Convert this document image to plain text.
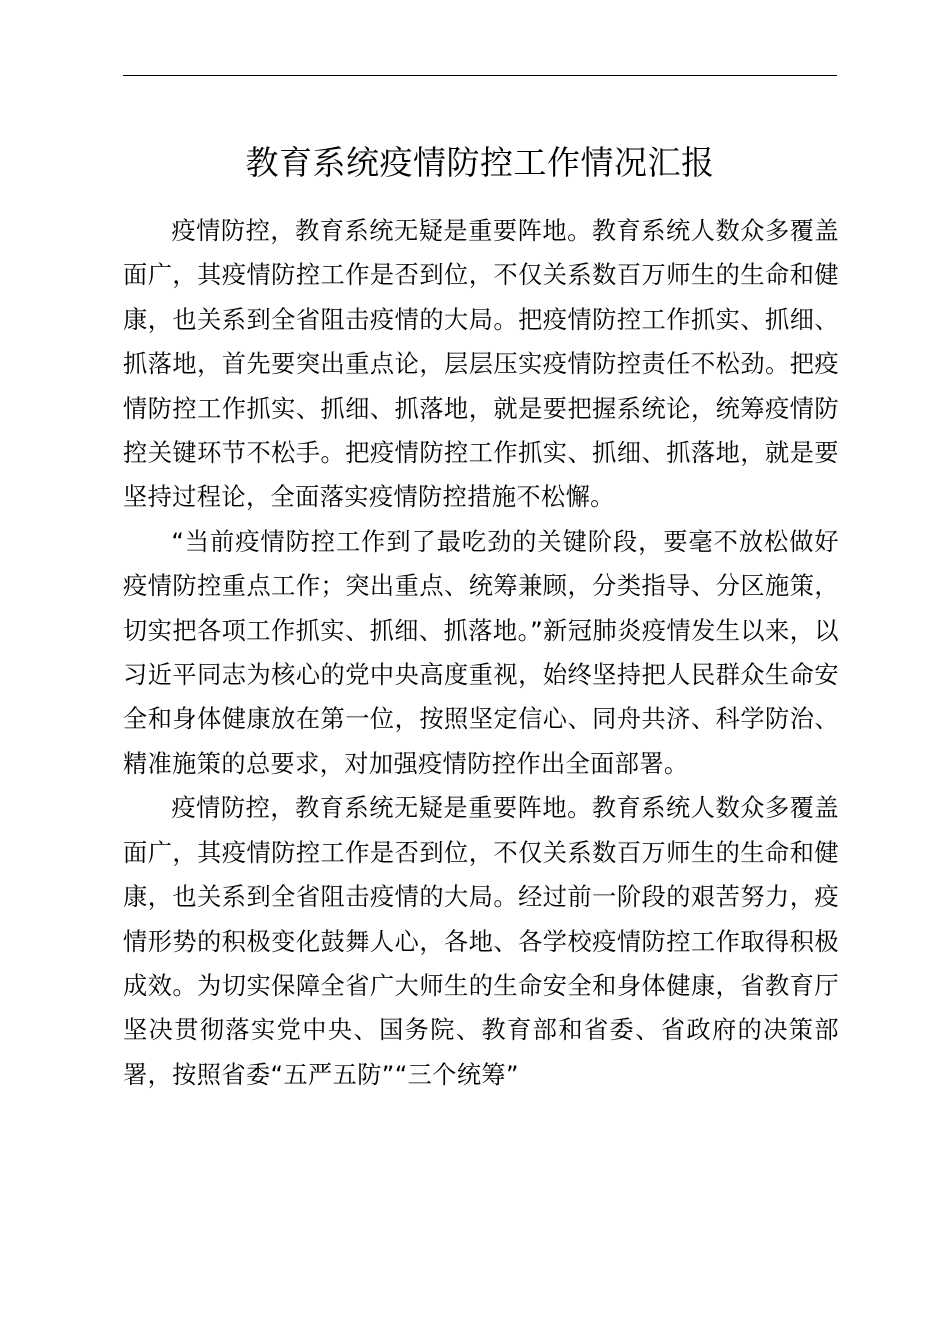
教育系统疫情防控工作情况汇报

疫情防控，教育系统无疑是重要阵地。教育系统人数众多覆盖面广，其疫情防控工作是否到位，不仅关系数百万师生的生命和健康，也关系到全省阻击疫情的大局。把疫情防控工作抓实、抓细、抓落地，首先要突出重点论，层层压实疫情防控责任不松劲。把疫情防控工作抓实、抓细、抓落地，就是要把握系统论，统筹疫情防控关键环节不松手。把疫情防控工作抓实、抓细、抓落地，就是要坚持过程论，全面落实疫情防控措施不松懈。

“当前疫情防控工作到了最吃劲的关键阶段，要毫不放松做好疫情防控重点工作；突出重点、统筹兼顾，分类指导、分区施策，切实把各项工作抓实、抓细、抓落地。”新冠肺炎疫情发生以来，以习近平同志为核心的党中央高度重视，始终坚持把人民群众生命安全和身体健康放在第一位，按照坚定信心、同舟共济、科学防治、精准施策的总要求，对加强疫情防控作出全面部署。

疫情防控，教育系统无疑是重要阵地。教育系统人数众多覆盖面广，其疫情防控工作是否到位，不仅关系数百万师生的生命和健康，也关系到全省阻击疫情的大局。经过前一阶段的艰苦努力，疫情形势的积极变化鼓舞人心，各地、各学校疫情防控工作取得积极成效。为切实保障全省广大师生的生命安全和身体健康，省教育厅坚决贯彻落实党中央、国务院、教育部和省委、省政府的决策部署，按照省委“五严五防”“三个统筹”
